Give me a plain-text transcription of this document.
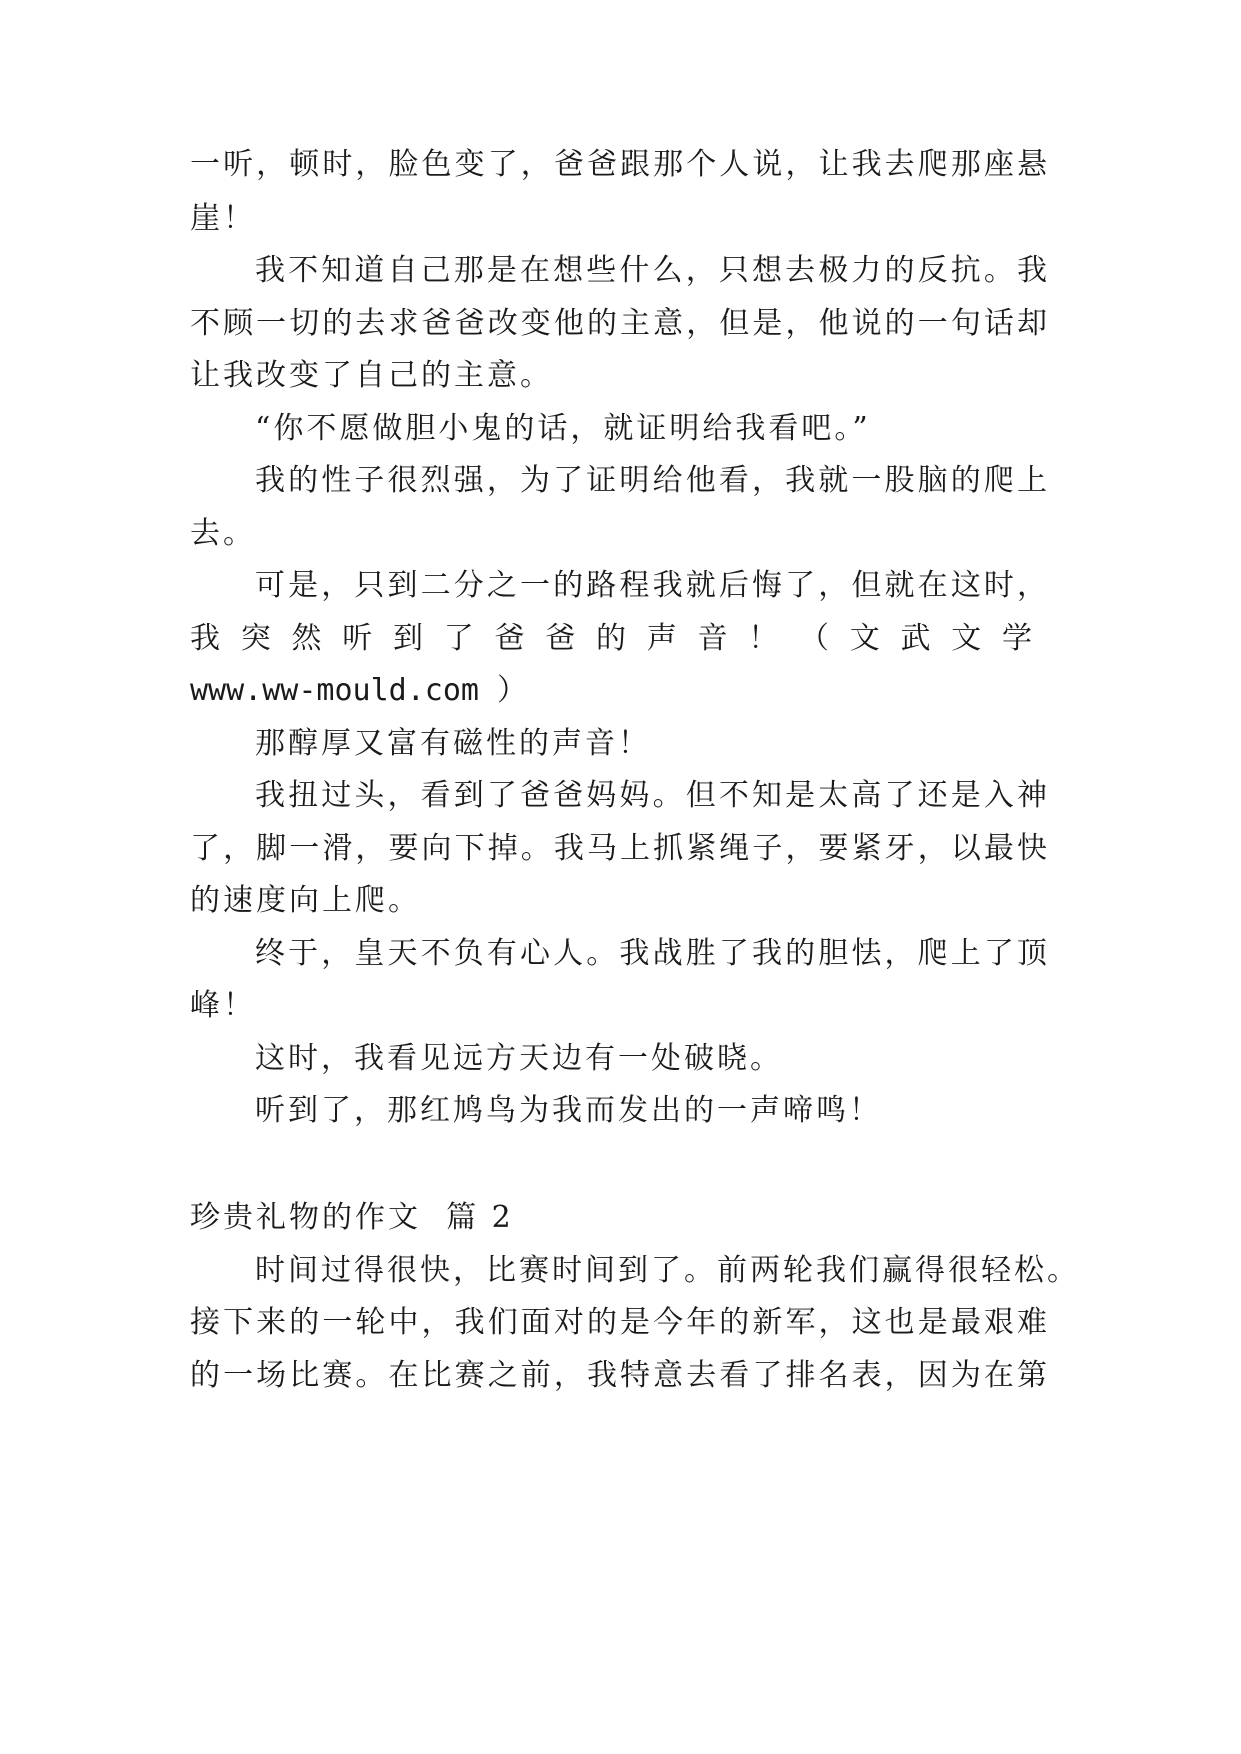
一听，顿时，脸色变了，爸爸跟那个人说，让我去爬那座悬
崖！
我不知道自己那是在想些什么，只想去极力的反抗。我
不顾一切的去求爸爸改变他的主意，但是，他说的一句话却
让我改变了自己的主意。
“你不愿做胆小鬼的话，就证明给我看吧。”
我的性子很烈强，为了证明给他看，我就一股脑的爬上
去。
可是，只到二分之一的路程我就后悔了，但就在这时，
我突然听到了爸爸的声音！（文武文学
www.ww-mould.com ）
那醇厚又富有磁性的声音！
我扭过头，看到了爸爸妈妈。但不知是太高了还是入神
了，脚一滑，要向下掉。我马上抓紧绳子，要紧牙，以最快
的速度向上爬。
终于，皇天不负有心人。我战胜了我的胆怯，爬上了顶
峰！
这时，我看见远方天边有一处破晓。
听到了，那红鸠鸟为我而发出的一声啼鸣！
珍贵礼物的作文  篇 2
时间过得很快，比赛时间到了。前两轮我们赢得很轻松。
接下来的一轮中，我们面对的是今年的新军，这也是最艰难
的一场比赛。在比赛之前，我特意去看了排名表，因为在第
